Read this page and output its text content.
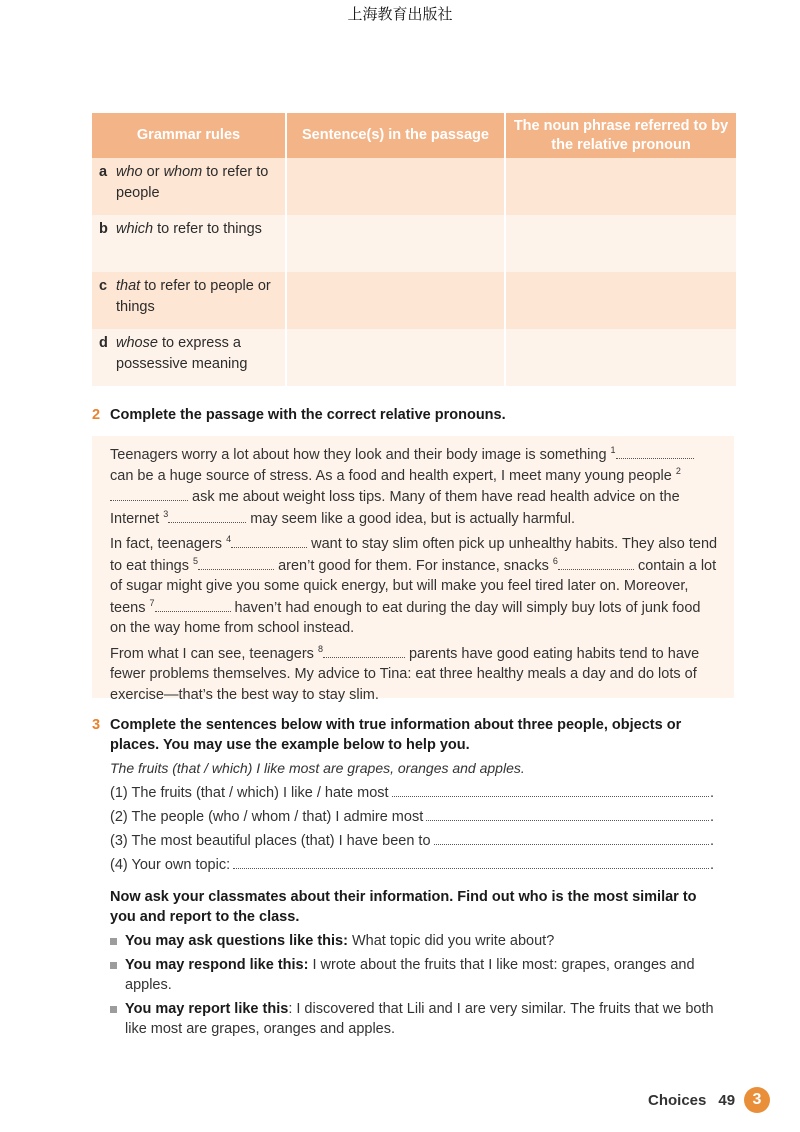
上海教育出版社
Grammar rules	Sentence(s) in the passage	The noun phrase referred to by the relative pronoun

a who or whom to refer to people		

b which to refer to things		

c that to refer to people or things		

d whose to express a possessive meaning		

2 Complete the passage with the correct relative pronouns.

Teenagers worry a lot about how they look and their body image is something $^1$ can be a huge source of stress. As a food and health expert, I meet many young people $^2$ ask me about weight loss tips. Many of them have read health advice on the Internet $^3$	may seem like a good idea, but is actually harmful.

In fact, teenagers $^4$	want to stay slim often pick up unhealthy habits. They also tend to eat things $^5$	aren’t good for them. For instance, snacks $^6$	contain a lot of sugar might give you some quick energy, but will make you feel tired later on. Moreover, teens $^7$	haven’t had enough to eat during the day will simply buy lots of junk food on the way home from school instead.

From what I can see, teenagers $^8$	parents have good eating habits tend to have fewer problems themselves. My advice to Tina: eat three healthy meals a day and do lots of exercise—that’s the best way to stay slim.

3 Complete the sentences below with true information about three people, objects or places. You may use the example below to help you.
The fruits (that / which) I like most are grapes, oranges and apples.
(1) The fruits (that / which) I like / hate most	.
(2) The people (who / whom / that) I admire most	.
(3) The most beautiful places (that) I have been to	.
(4) Your own topic:	.
Now ask your classmates about their information. Find out who is the most similar to you and report to the class.
You may ask questions like this: What topic did you write about?
You may respond like this: I wrote about the fruits that I like most: grapes, oranges and apples.
You may report like this: I discovered that Lili and I are very similar. The fruits that we both like most are grapes, oranges and apples.
Choices 49	3
